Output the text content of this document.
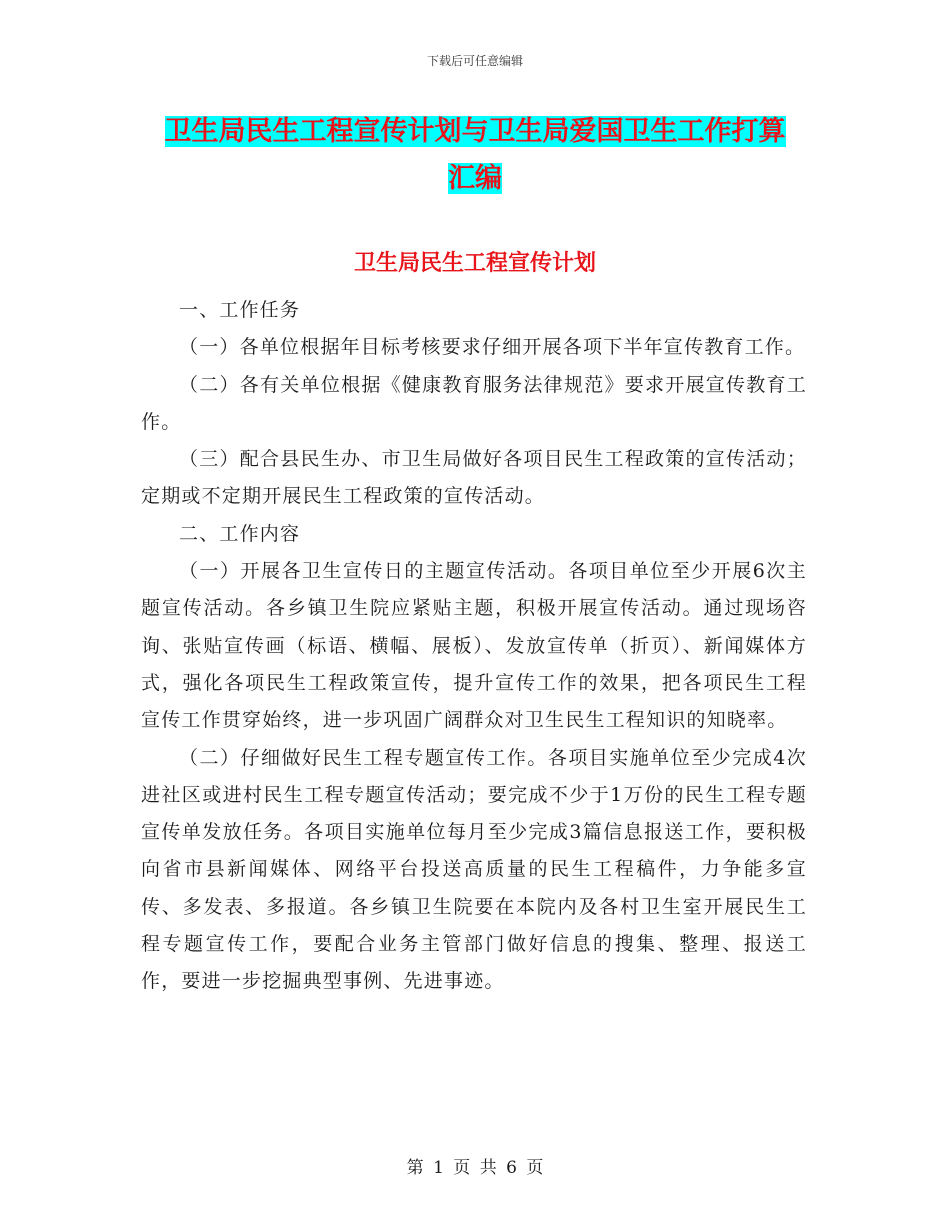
下载后可任意编辑
卫生局民生工程宣传计划与卫生局爱国卫生工作打算
汇编
卫生局民生工程宣传计划

一、工作任务

（一）各单位根据年目标考核要求仔细开展各项下半年宣传教育工作。

（二）各有关单位根据《健康教育服务法律规范》要求开展宣传教育工作。

（三）配合县民生办、市卫生局做好各项目民生工程政策的宣传活动；定期或不定期开展民生工程政策的宣传活动。

二、工作内容

（一）开展各卫生宣传日的主题宣传活动。各项目单位至少开展6次主题宣传活动。各乡镇卫生院应紧贴主题，积极开展宣传活动。通过现场咨询、张贴宣传画（标语、横幅、展板）、发放宣传单（折页）、新闻媒体方式，强化各项民生工程政策宣传，提升宣传工作的效果，把各项民生工程宣传工作贯穿始终，进一步巩固广阔群众对卫生民生工程知识的知晓率。

（二）仔细做好民生工程专题宣传工作。各项目实施单位至少完成4次进社区或进村民生工程专题宣传活动；要完成不少于1万份的民生工程专题宣传单发放任务。各项目实施单位每月至少完成3篇信息报送工作，要积极向省市县新闻媒体、网络平台投送高质量的民生工程稿件，力争能多宣传、多发表、多报道。各乡镇卫生院要在本院内及各村卫生室开展民生工程专题宣传工作，要配合业务主管部门做好信息的搜集、整理、报送工作，要进一步挖掘典型事例、先进事迹。

第 1 页 共 6 页
